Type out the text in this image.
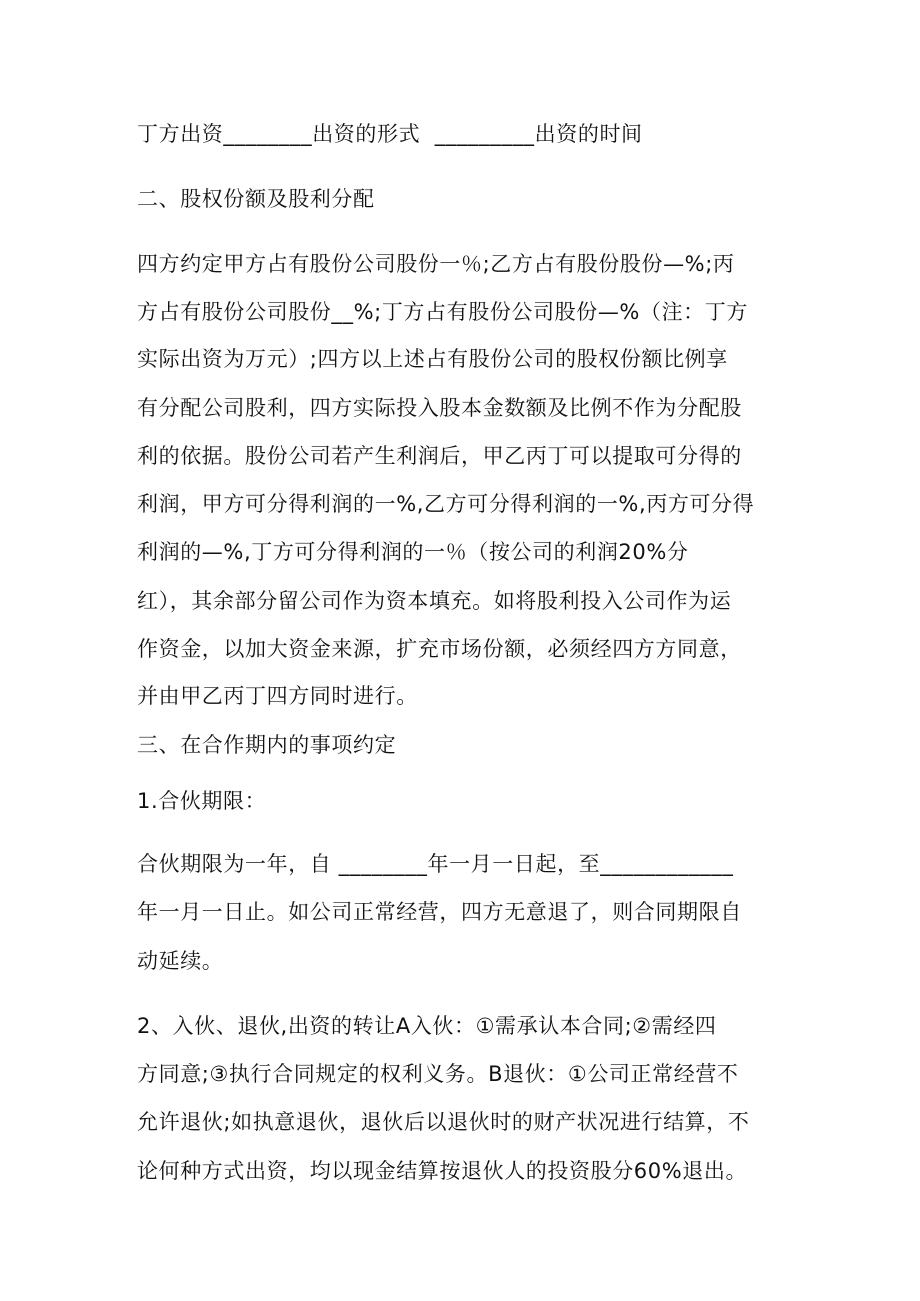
丁方出资________出资的形式  _________出资的时间
二、股权份额及股利分配
四方约定甲方占有股份公司股份一％;乙方占有股份股份—%;丙
方占有股份公司股份__%;丁方占有股份公司股份—%（注：丁方
实际出资为万元）;四方以上述占有股份公司的股权份额比例享
有分配公司股利，四方实际投入股本金数额及比例不作为分配股
利的依据。股份公司若产生利润后，甲乙丙丁可以提取可分得的
利润，甲方可分得利润的一%,乙方可分得利润的一%,丙方可分得
利润的—%,丁方可分得利润的一％（按公司的利润20%分
红），其余部分留公司作为资本填充。如将股利投入公司作为运
作资金，以加大资金来源，扩充市场份额，必须经四方方同意，
并由甲乙丙丁四方同时进行。
三、在合作期内的事项约定
1.合伙期限：
合伙期限为一年，自 ________年一月一日起，至____________
年一月一日止。如公司正常经营，四方无意退了，则合同期限自
动延续。
2、入伙、退伙,出资的转让A入伙：①需承认本合同;②需经四
方同意;③执行合同规定的权利义务。B退伙：①公司正常经营不
允许退伙;如执意退伙，退伙后以退伙时的财产状况进行结算，不
论何种方式出资，均以现金结算按退伙人的投资股分60%退出。
